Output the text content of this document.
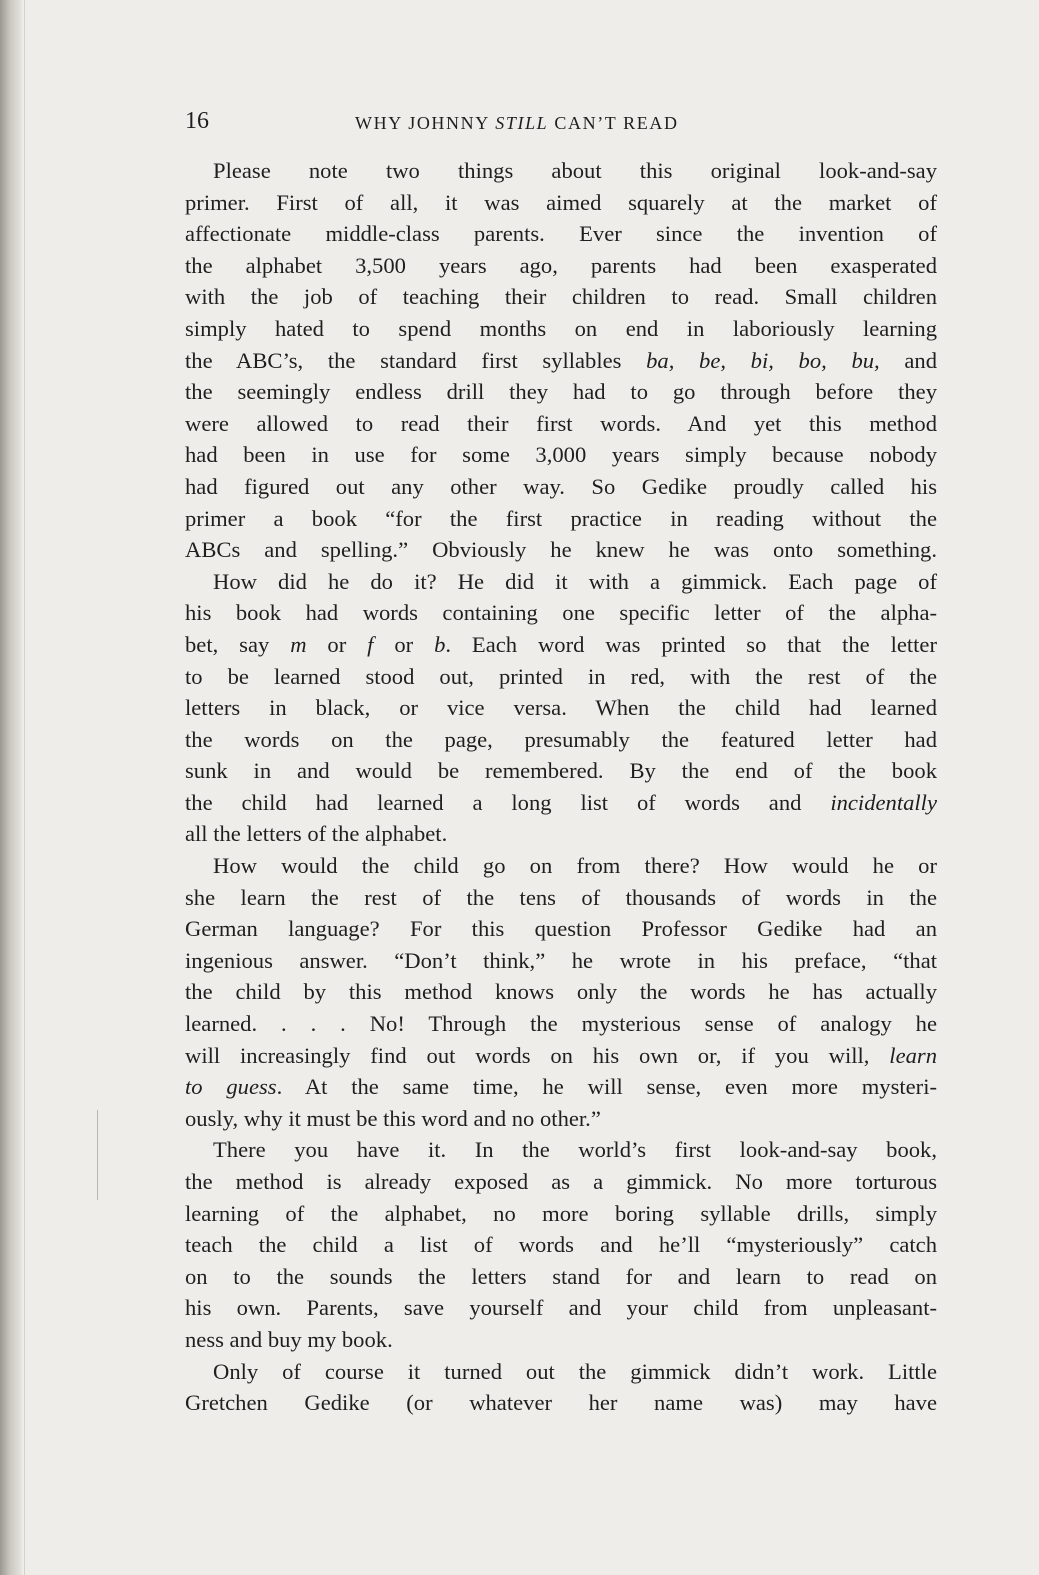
16	WHY JOHNNY STILL CAN’T READ

Please note two things about this original look-and-say
primer. First of all, it was aimed squarely at the market of
affectionate middle-class parents. Ever since the invention of
the alphabet 3,500 years ago, parents had been exasperated
with the job of teaching their children to read. Small children
simply hated to spend months on end in laboriously learning
the ABC’s, the standard first syllables ba, be, bi, bo, bu, and
the seemingly endless drill they had to go through before they
were allowed to read their first words. And yet this method
had been in use for some 3,000 years simply because nobody
had figured out any other way. So Gedike proudly called his
primer a book “for the first practice in reading without the
ABCs and spelling.” Obviously he knew he was onto something.

How did he do it? He did it with a gimmick. Each page of
his book had words containing one specific letter of the alpha-
bet, say m or f or b. Each word was printed so that the letter
to be learned stood out, printed in red, with the rest of the
letters in black, or vice versa. When the child had learned
the words on the page, presumably the featured letter had
sunk in and would be remembered. By the end of the book
the child had learned a long list of words and incidentally
all the letters of the alphabet.

How would the child go on from there? How would he or
she learn the rest of the tens of thousands of words in the
German language? For this question Professor Gedike had an
ingenious answer. “Don’t think,” he wrote in his preface, “that
the child by this method knows only the words he has actually
learned. . . . No! Through the mysterious sense of analogy he
will increasingly find out words on his own or, if you will, learn
to guess. At the same time, he will sense, even more mysteri-
ously, why it must be this word and no other.”

There you have it. In the world’s first look-and-say book,
the method is already exposed as a gimmick. No more torturous
learning of the alphabet, no more boring syllable drills, simply
teach the child a list of words and he’ll “mysteriously” catch
on to the sounds the letters stand for and learn to read on
his own. Parents, save yourself and your child from unpleasant-
ness and buy my book.

Only of course it turned out the gimmick didn’t work. Little
Gretchen Gedike (or whatever her name was) may have
